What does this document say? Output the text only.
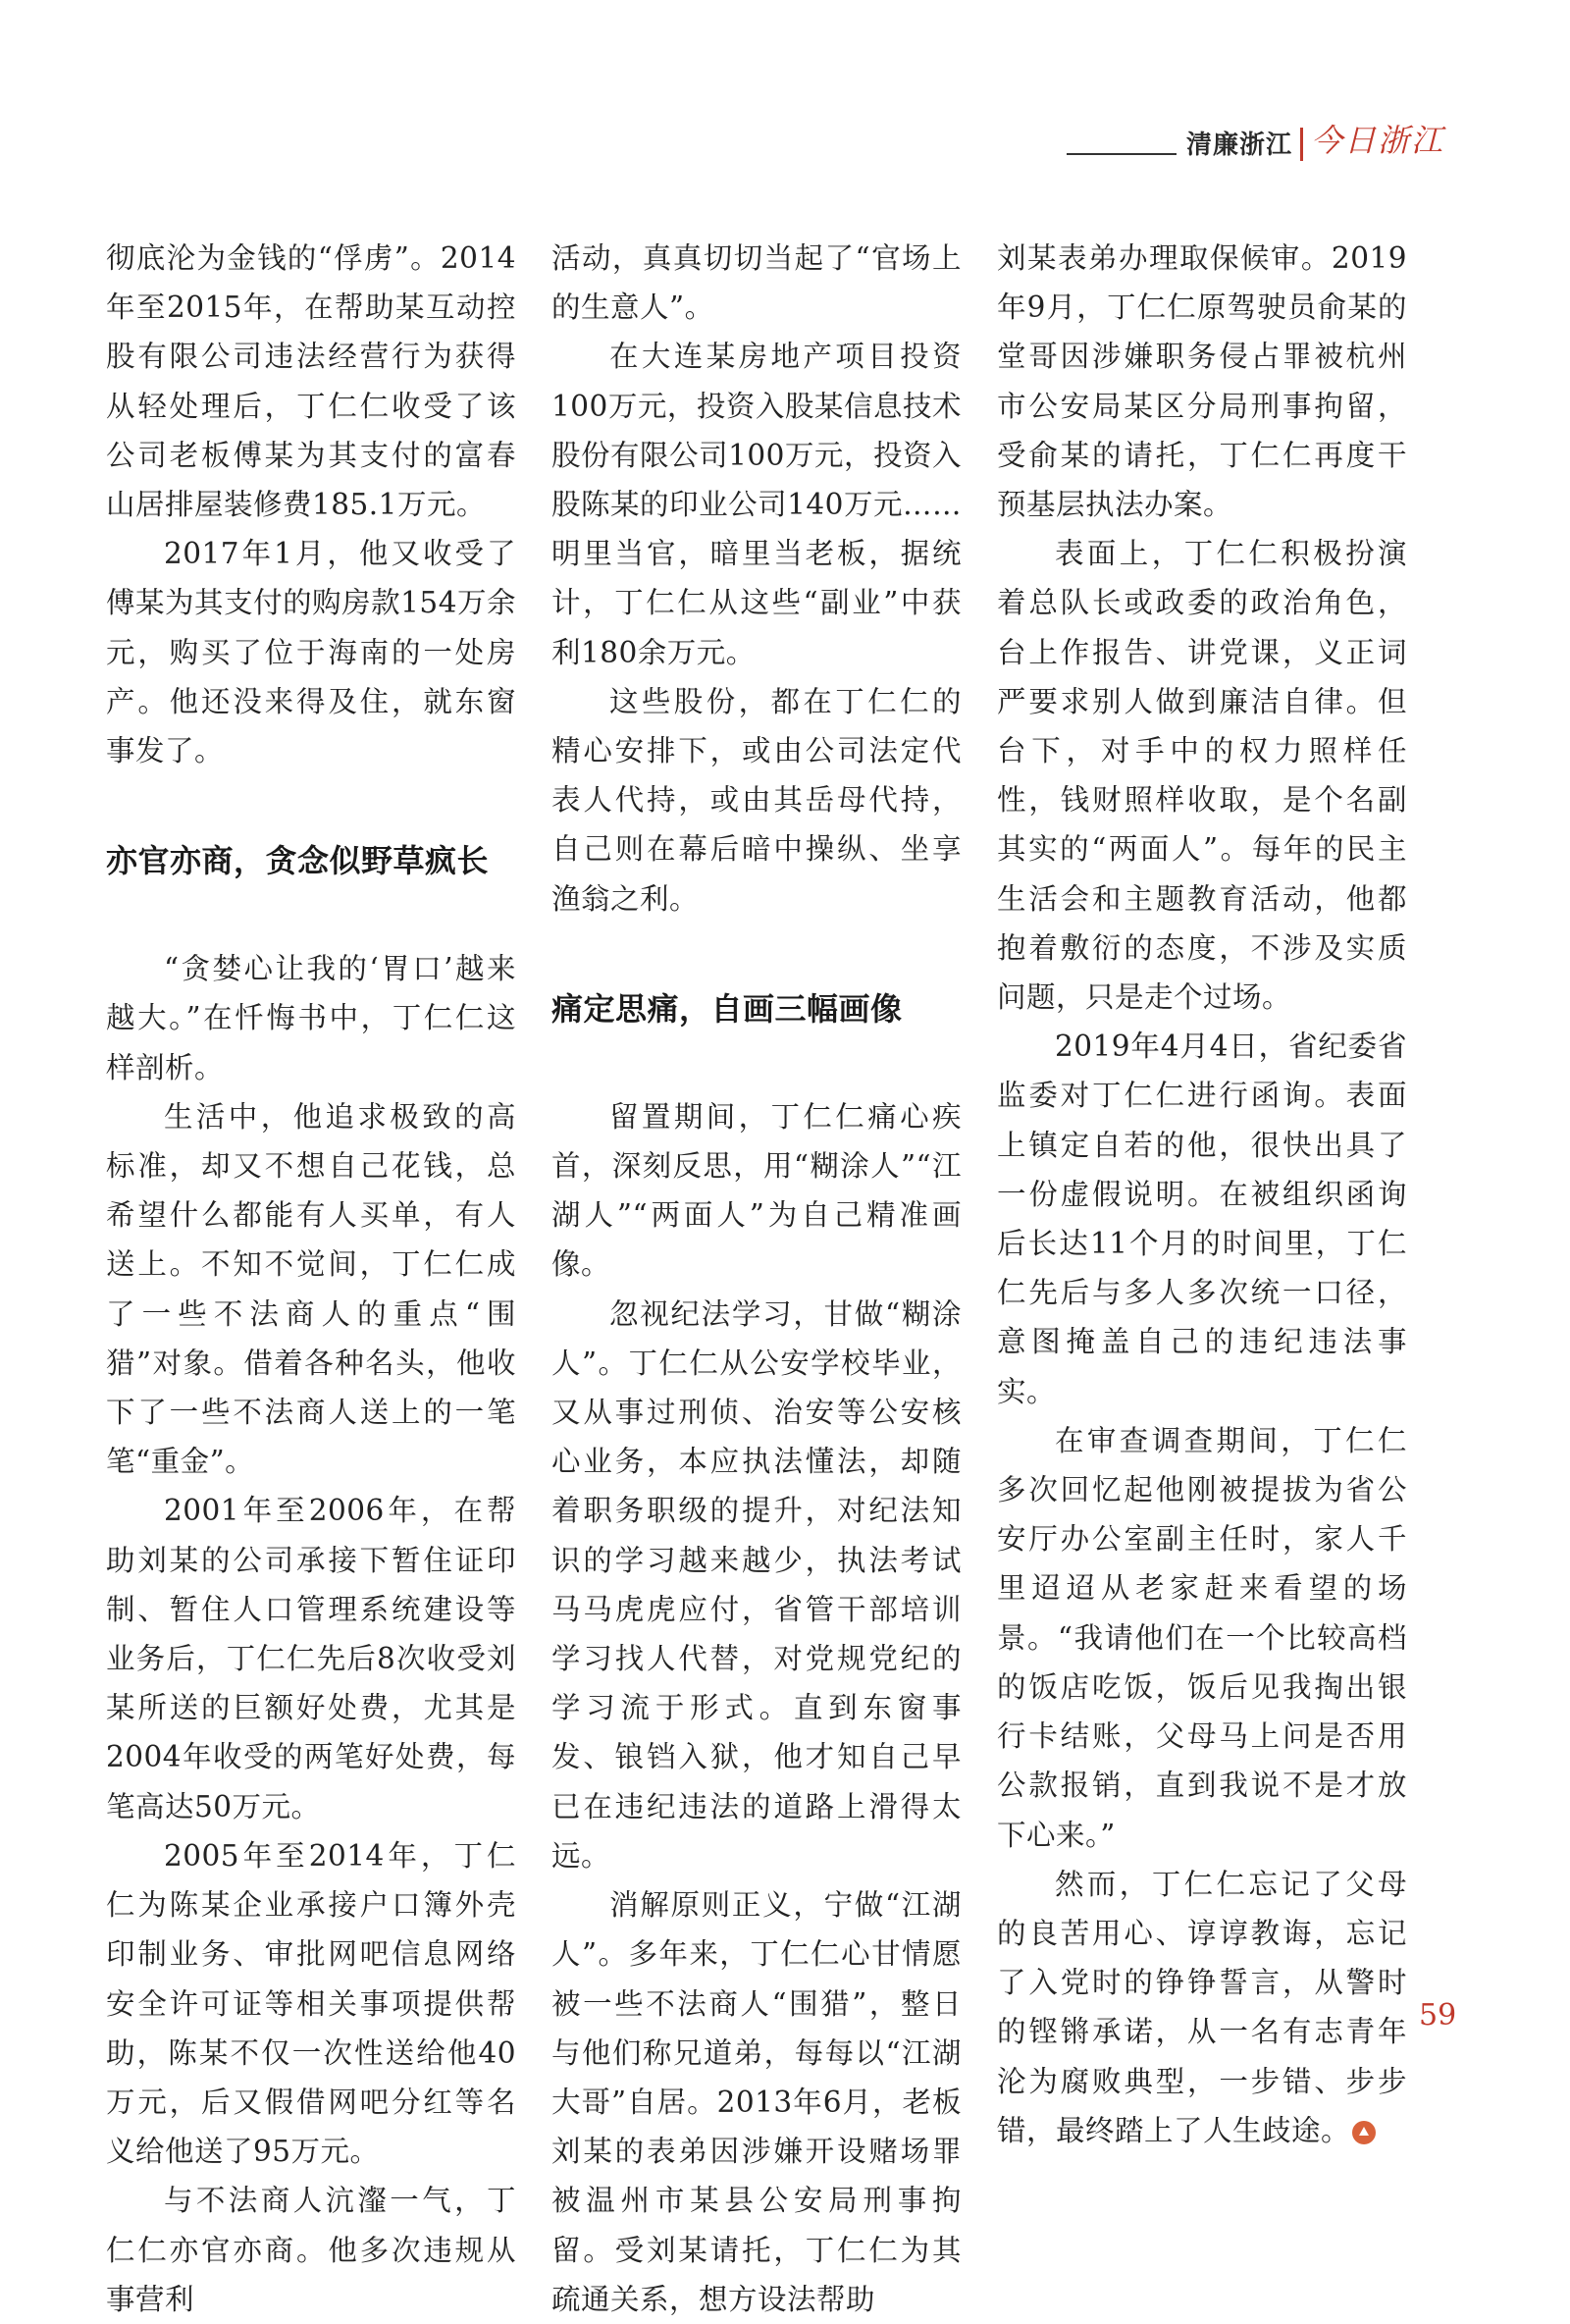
清廉浙江 今日浙江

彻底沦为金钱的“俘虏”。2014年至2015年，在帮助某互动控股有限公司违法经营行为获得从轻处理后，丁仁仁收受了该公司老板傅某为其支付的富春山居排屋装修费185.1万元。

2017年1月，他又收受了傅某为其支付的购房款154万余元，购买了位于海南的一处房产。他还没来得及住，就东窗事发了。

亦官亦商，贪念似野草疯长

“贪婪心让我的‘胃口’越来越大。”在忏悔书中，丁仁仁这样剖析。

生活中，他追求极致的高标准，却又不想自己花钱，总希望什么都能有人买单，有人送上。不知不觉间，丁仁仁成了一些不法商人的重点“围猎”对象。借着各种名头，他收下了一些不法商人送上的一笔笔“重金”。

2001年至2006年，在帮助刘某的公司承接下暂住证印制、暂住人口管理系统建设等业务后，丁仁仁先后8次收受刘某所送的巨额好处费，尤其是2004年收受的两笔好处费，每笔高达50万元。

2005年至2014年，丁仁仁为陈某企业承接户口簿外壳印制业务、审批网吧信息网络安全许可证等相关事项提供帮助，陈某不仅一次性送给他40万元，后又假借网吧分红等名义给他送了95万元。

与不法商人沆瀣一气，丁仁仁亦官亦商。他多次违规从事营利

活动，真真切切当起了“官场上的生意人”。

在大连某房地产项目投资100万元，投资入股某信息技术股份有限公司100万元，投资入股陈某的印业公司140万元……明里当官，暗里当老板，据统计，丁仁仁从这些“副业”中获利180余万元。

这些股份，都在丁仁仁的精心安排下，或由公司法定代表人代持，或由其岳母代持，自己则在幕后暗中操纵、坐享渔翁之利。

痛定思痛，自画三幅画像

留置期间，丁仁仁痛心疾首，深刻反思，用“糊涂人”“江湖人”“两面人”为自己精准画像。

忽视纪法学习，甘做“糊涂人”。丁仁仁从公安学校毕业，又从事过刑侦、治安等公安核心业务，本应执法懂法，却随着职务职级的提升，对纪法知识的学习越来越少，执法考试马马虎虎应付，省管干部培训学习找人代替，对党规党纪的学习流于形式。直到东窗事发、锒铛入狱，他才知自己早已在违纪违法的道路上滑得太远。

消解原则正义，宁做“江湖人”。多年来，丁仁仁心甘情愿被一些不法商人“围猎”，整日与他们称兄道弟，每每以“江湖大哥”自居。2013年6月，老板刘某的表弟因涉嫌开设赌场罪被温州市某县公安局刑事拘留。受刘某请托，丁仁仁为其疏通关系，想方设法帮助

刘某表弟办理取保候审。2019年9月，丁仁仁原驾驶员俞某的堂哥因涉嫌职务侵占罪被杭州市公安局某区分局刑事拘留，受俞某的请托，丁仁仁再度干预基层执法办案。

表面上，丁仁仁积极扮演着总队长或政委的政治角色，台上作报告、讲党课，义正词严要求别人做到廉洁自律。但台下，对手中的权力照样任性，钱财照样收取，是个名副其实的“两面人”。每年的民主生活会和主题教育活动，他都抱着敷衍的态度，不涉及实质问题，只是走个过场。

2019年4月4日，省纪委省监委对丁仁仁进行函询。表面上镇定自若的他，很快出具了一份虚假说明。在被组织函询后长达11个月的时间里，丁仁仁先后与多人多次统一口径，意图掩盖自己的违纪违法事实。

在审查调查期间，丁仁仁多次回忆起他刚被提拔为省公安厅办公室副主任时，家人千里迢迢从老家赶来看望的场景。“我请他们在一个比较高档的饭店吃饭，饭后见我掏出银行卡结账，父母马上问是否用公款报销，直到我说不是才放下心来。”

然而，丁仁仁忘记了父母的良苦用心、谆谆教诲，忘记了入党时的铮铮誓言，从警时的铿锵承诺，从一名有志青年沦为腐败典型，一步错、步步错，最终踏上了人生歧途。

59
